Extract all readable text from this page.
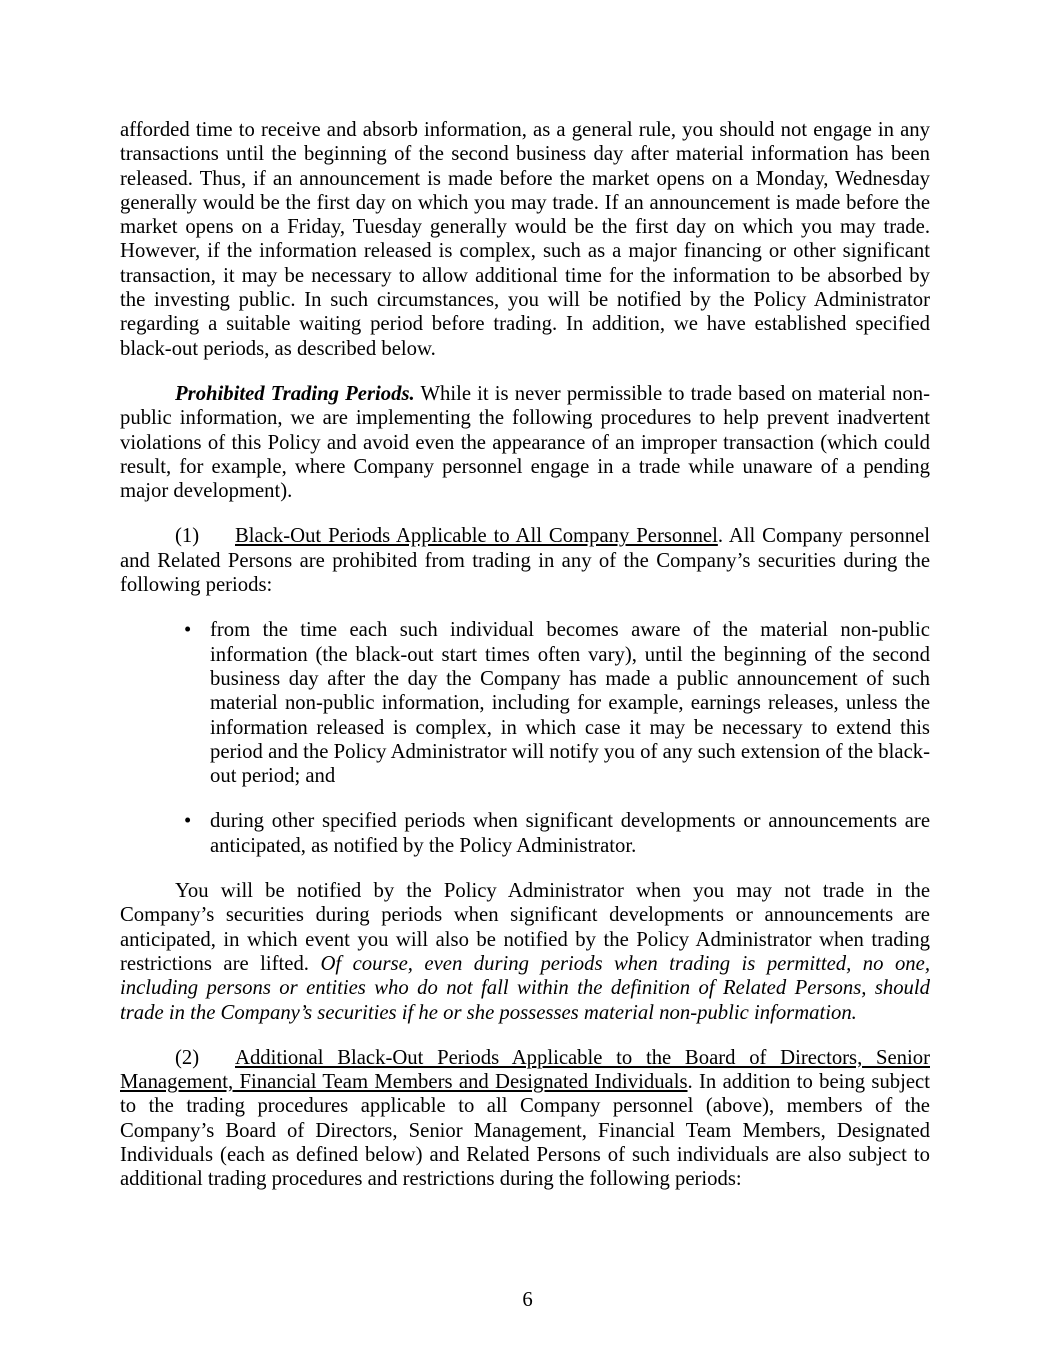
afforded time to receive and absorb information, as a general rule, you should not engage in any transactions until the beginning of the second business day after material information has been released. Thus, if an announcement is made before the market opens on a Monday, Wednesday generally would be the first day on which you may trade. If an announcement is made before the market opens on a Friday, Tuesday generally would be the first day on which you may trade. However, if the information released is complex, such as a major financing or other significant transaction, it may be necessary to allow additional time for the information to be absorbed by the investing public. In such circumstances, you will be notified by the Policy Administrator regarding a suitable waiting period before trading. In addition, we have established specified black-out periods, as described below.

Prohibited Trading Periods. While it is never permissible to trade based on material non-public information, we are implementing the following procedures to help prevent inadvertent violations of this Policy and avoid even the appearance of an improper transaction (which could result, for example, where Company personnel engage in a trade while unaware of a pending major development).

(1) Black-Out Periods Applicable to All Company Personnel. All Company personnel and Related Persons are prohibited from trading in any of the Company’s securities during the following periods:

• from the time each such individual becomes aware of the material non-public information (the black-out start times often vary), until the beginning of the second business day after the day the Company has made a public announcement of such material non-public information, including for example, earnings releases, unless the information released is complex, in which case it may be necessary to extend this period and the Policy Administrator will notify you of any such extension of the black-out period; and
• during other specified periods when significant developments or announcements are anticipated, as notified by the Policy Administrator.

You will be notified by the Policy Administrator when you may not trade in the Company’s securities during periods when significant developments or announcements are anticipated, in which event you will also be notified by the Policy Administrator when trading restrictions are lifted. Of course, even during periods when trading is permitted, no one, including persons or entities who do not fall within the definition of Related Persons, should trade in the Company’s securities if he or she possesses material non-public information.

(2) Additional Black-Out Periods Applicable to the Board of Directors, Senior Management, Financial Team Members and Designated Individuals. In addition to being subject to the trading procedures applicable to all Company personnel (above), members of the Company’s Board of Directors, Senior Management, Financial Team Members, Designated Individuals (each as defined below) and Related Persons of such individuals are also subject to additional trading procedures and restrictions during the following periods:

6
